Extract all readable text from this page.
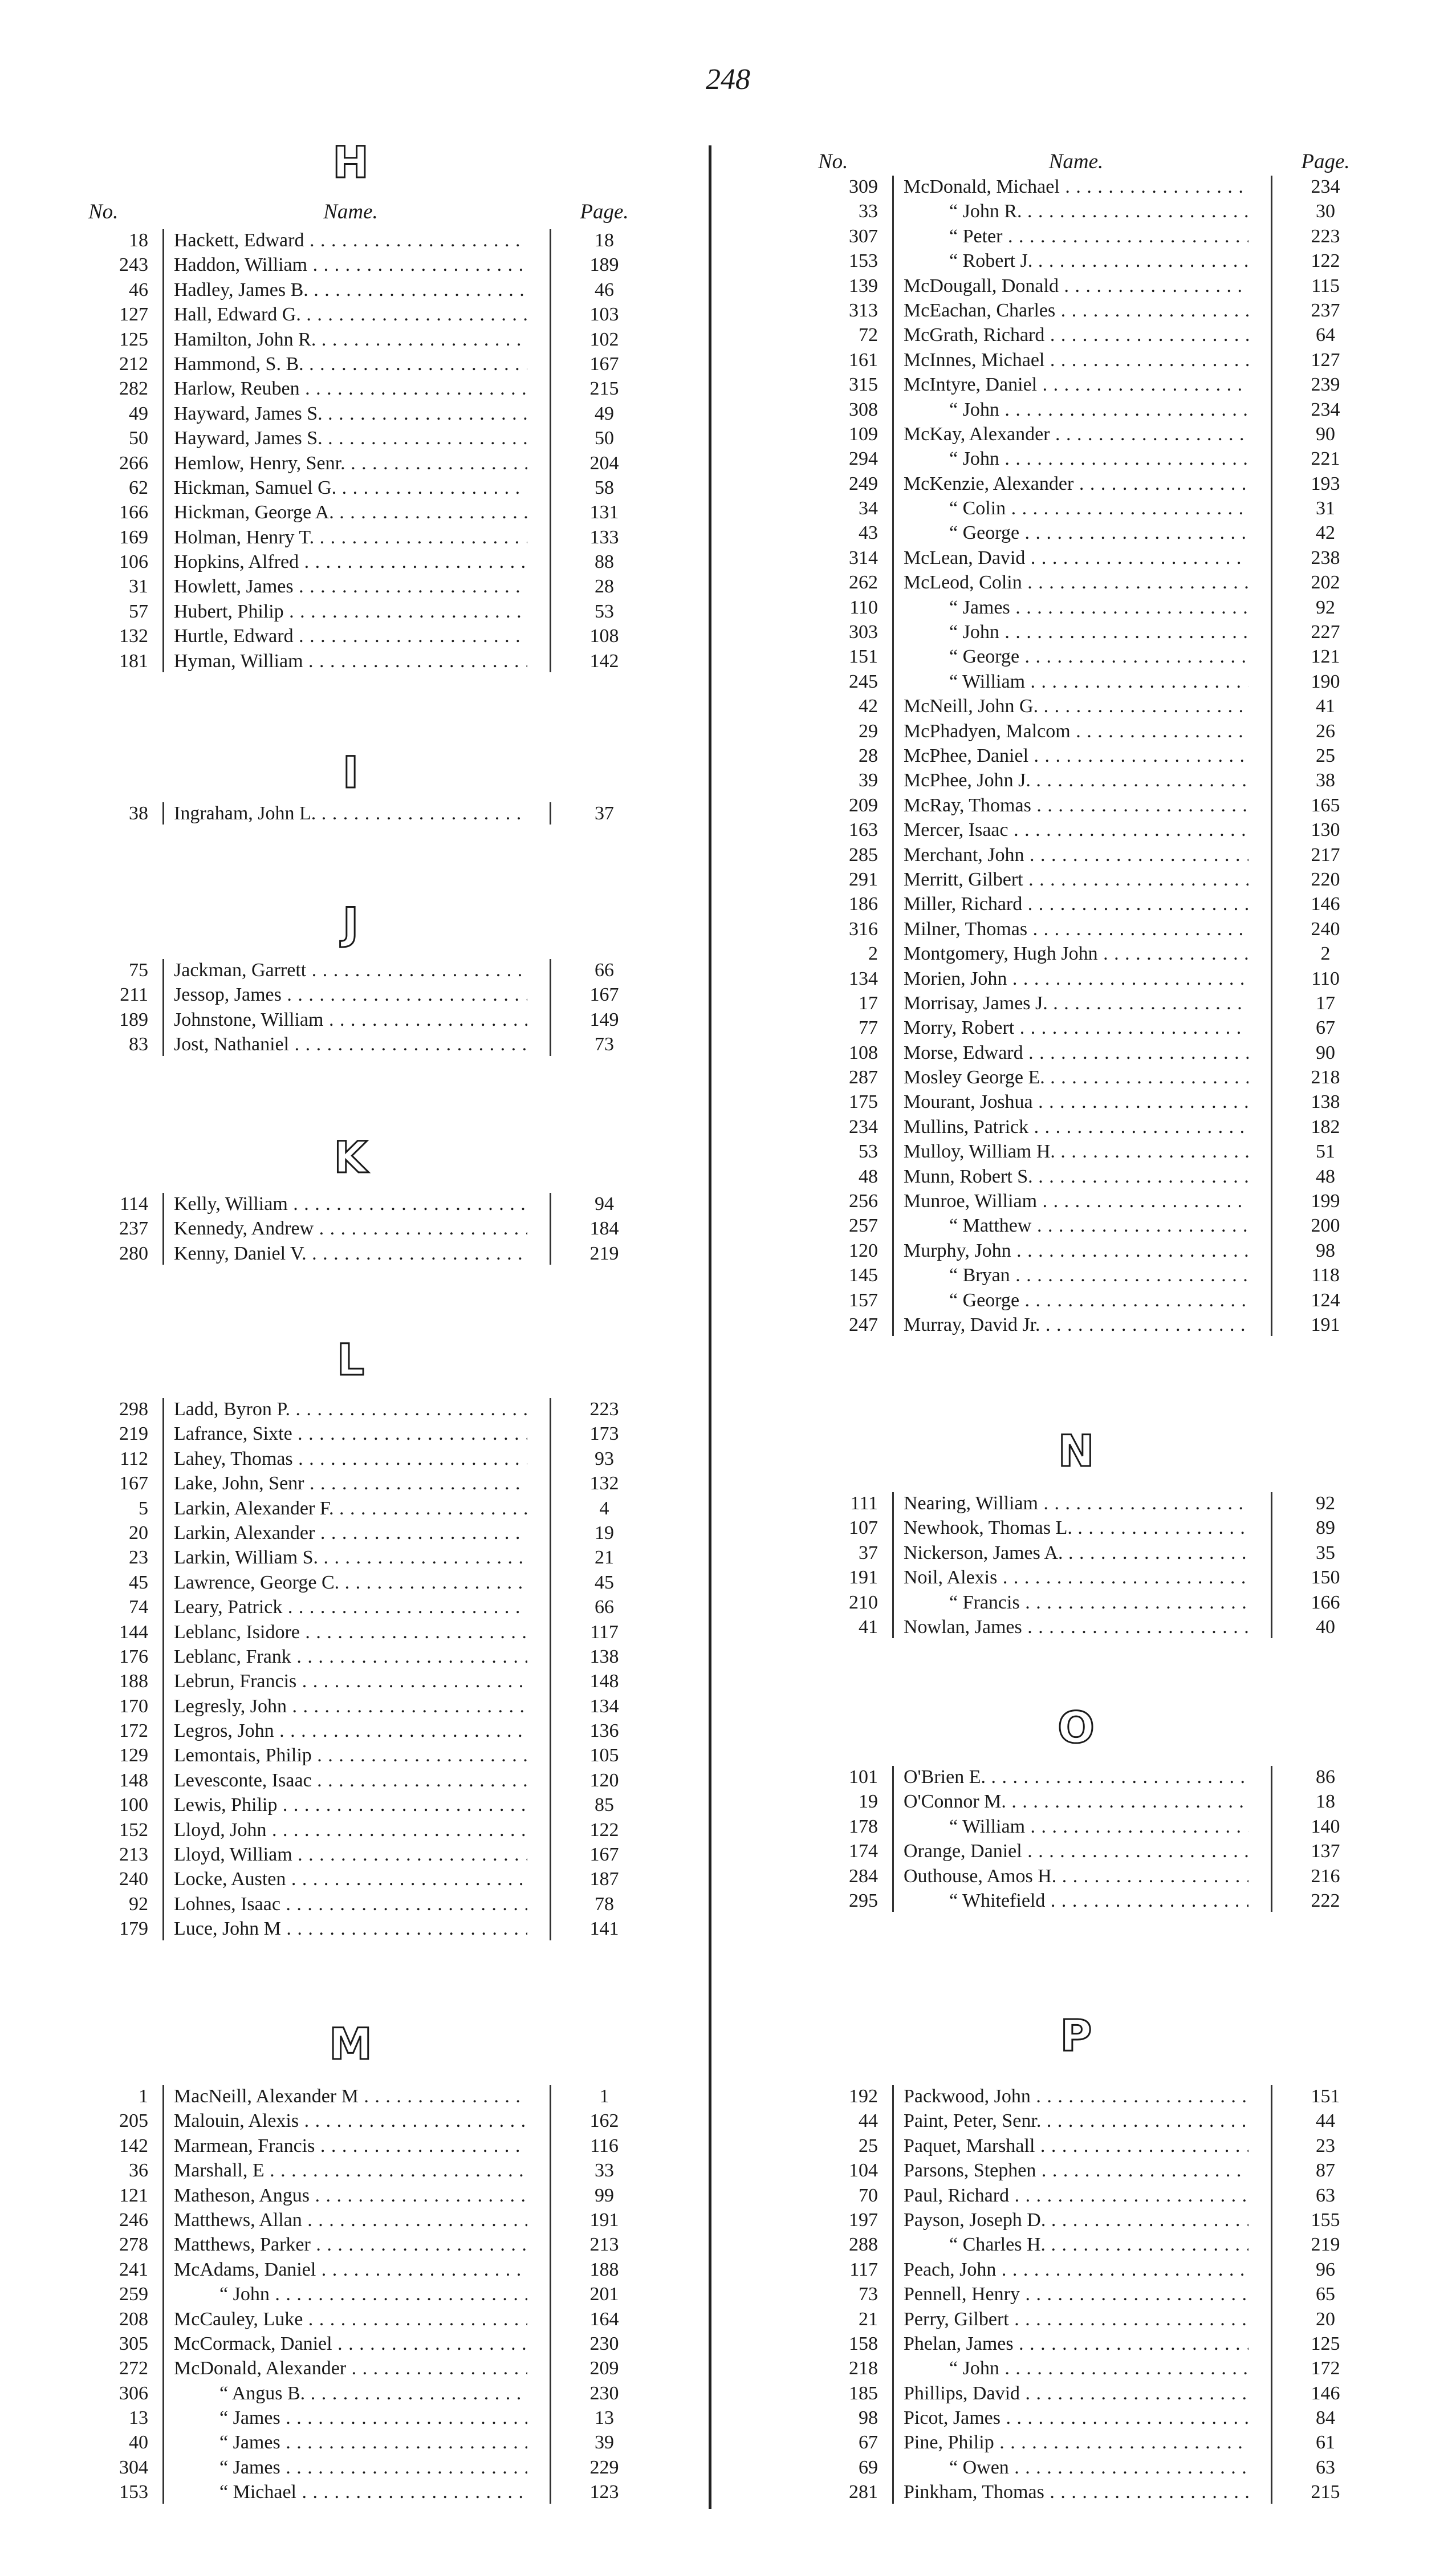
248
No.	Name.	Page.
H
18 Hackett, Edward . . .	18
243 Haddon, William . . .	189
46 Hadley, James B. . . .	46
127 Hall, Edward G. . . .	103
125 Hamilton, John R. . . .	102
212 Hammond, S. B. . . .	167
282 Harlow, Reuben . . .	215
49 Hayward, James S. . . .	49
50 Hayward, James S. . . .	50
266 Hemlow, Henry, Senr. . . .	204
62 Hickman, Samuel G. . . .	58
166 Hickman, George A. . . .	131
169 Holman, Henry T. . . .	133
106 Hopkins, Alfred . . .	88
31 Howlett, James . . .	28
57 Hubert, Philip . . .	53
132 Hurtle, Edward . . .	108
181 Hyman, William . . .	142
I
38 Ingraham, John L. . . .	37
J
75 Jackman, Garrett . . .	66
211 Jessop, James . . .	167
189 Johnstone, William . . .	149
83 Jost, Nathaniel . . .	73
K
114 Kelly, William . . .	94
237 Kennedy, Andrew . . .	184
280 Kenny, Daniel V. . . .	219
L
298 Ladd, Byron P. . . .	223
219 Lafrance, Sixte . . .	173
112 Lahey, Thomas . . .	93
167 Lake, John, Senr . . .	132
5 Larkin, Alexander F. . . .	4
20 Larkin, Alexander . . .	19
23 Larkin, William S. . . .	21
45 Lawrence, George C. . . .	45
74 Leary, Patrick . . .	66
144 Leblanc, Isidore . . .	117
176 Leblanc, Frank . . .	138
188 Lebrun, Francis . . .	148
170 Legresly, John . . .	134
172 Legros, John . . .	136
129 Lemontais, Philip . . .	105
148 Levesconte, Isaac . . .	120
100 Lewis, Philip . . .	85
152 Lloyd, John . . .	122
213 Lloyd, William . . .	167
240 Locke, Austen . . .	187
92 Lohnes, Isaac . . .	78
179 Luce, John M . . .	141
M
1 MacNeill, Alexander M . . .	1
205 Malouin, Alexis . . .	162
142 Marmean, Francis . . .	116
36 Marshall, E . . .	33
121 Matheson, Angus . . .	99
246 Matthews, Allan . . .	191
278 Matthews, Parker . . .	213
241 McAdams, Daniel . . .	188
259	“ John . . .	201
208 McCauley, Luke . . .	164
305 McCormack, Daniel . . .	230
272 McDonald, Alexander . . .	209
306	“ Angus B. . . .	230
13	“ James . . .	13
40	“ James . . .	39
304	“ James . . .	229
153	“ Michael . . .	123
No.	Name.	Page.
309 McDonald, Michael . . .	234
33	“ John R. . . .	30
307	“ Peter . . .	223
153	“ Robert J. . . .	122
139 McDougall, Donald . . .	115
313 McEachan, Charles . . .	237
72 McGrath, Richard . . .	64
161 McInnes, Michael . . .	127
315 McIntyre, Daniel . . .	239
308	“ John . . .	234
109 McKay, Alexander . . .	90
294	“ John . . .	221
249 McKenzie, Alexander . . .	193
34	“ Colin . . .	31
43	“ George . . .	42
314 McLean, David . . .	238
262 McLeod, Colin . . .	202
110	“ James . . .	92
303	“ John . . .	227
151	“ George . . .	121
245	“ William . . .	190
42 McNeill, John G. . . .	41
29 McPhadyen, Malcom . . .	26
28 McPhee, Daniel . . .	25
39 McPhee, John J. . . .	38
209 McRay, Thomas . . .	165
163 Mercer, Isaac . . .	130
285 Merchant, John . . .	217
291 Merritt, Gilbert . . .	220
186 Miller, Richard . . .	146
316 Milner, Thomas . . .	240
2 Montgomery, Hugh John . . .	2
134 Morien, John . . .	110
17 Morrisay, James J. . . .	17
77 Morry, Robert . . .	67
108 Morse, Edward . . .	90
287 Mosley George E. . . .	218
175 Mourant, Joshua . . .	138
234 Mullins, Patrick . . .	182
53 Mulloy, William H. . . .	51
48 Munn, Robert S. . . .	48
256 Munroe, William . . .	199
257	“ Matthew . . .	200
120 Murphy, John . . .	98
145	“ Bryan . . .	118
157	“ George . . .	124
247 Murray, David Jr. . . .	191
N
111 Nearing, William . . .	92
107 Newhook, Thomas L. . . .	89
37 Nickerson, James A. . . .	35
191 Noil, Alexis . . .	150
210	“ Francis . . .	166
41 Nowlan, James . . .	40
O
101 O'Brien E. . . .	86
19 O'Connor M. . . .	18
178	“ William . . .	140
174 Orange, Daniel . . .	137
284 Outhouse, Amos H. . . .	216
295	“ Whitefield . . .	222
P
192 Packwood, John . . .	151
44 Paint, Peter, Senr. . . .	44
25 Paquet, Marshall . . .	23
104 Parsons, Stephen . . .	87
70 Paul, Richard . . .	63
197 Payson, Joseph D. . . .	155
288	“ Charles H. . . .	219
117 Peach, John . . .	96
73 Pennell, Henry . . .	65
21 Perry, Gilbert . . .	20
158 Phelan, James . . .	125
218	“ John . . .	172
185 Phillips, David . . .	146
98 Picot, James . . .	84
67 Pine, Philip . . .	61
69	“ Owen . . .	63
281 Pinkham, Thomas . . .	215
